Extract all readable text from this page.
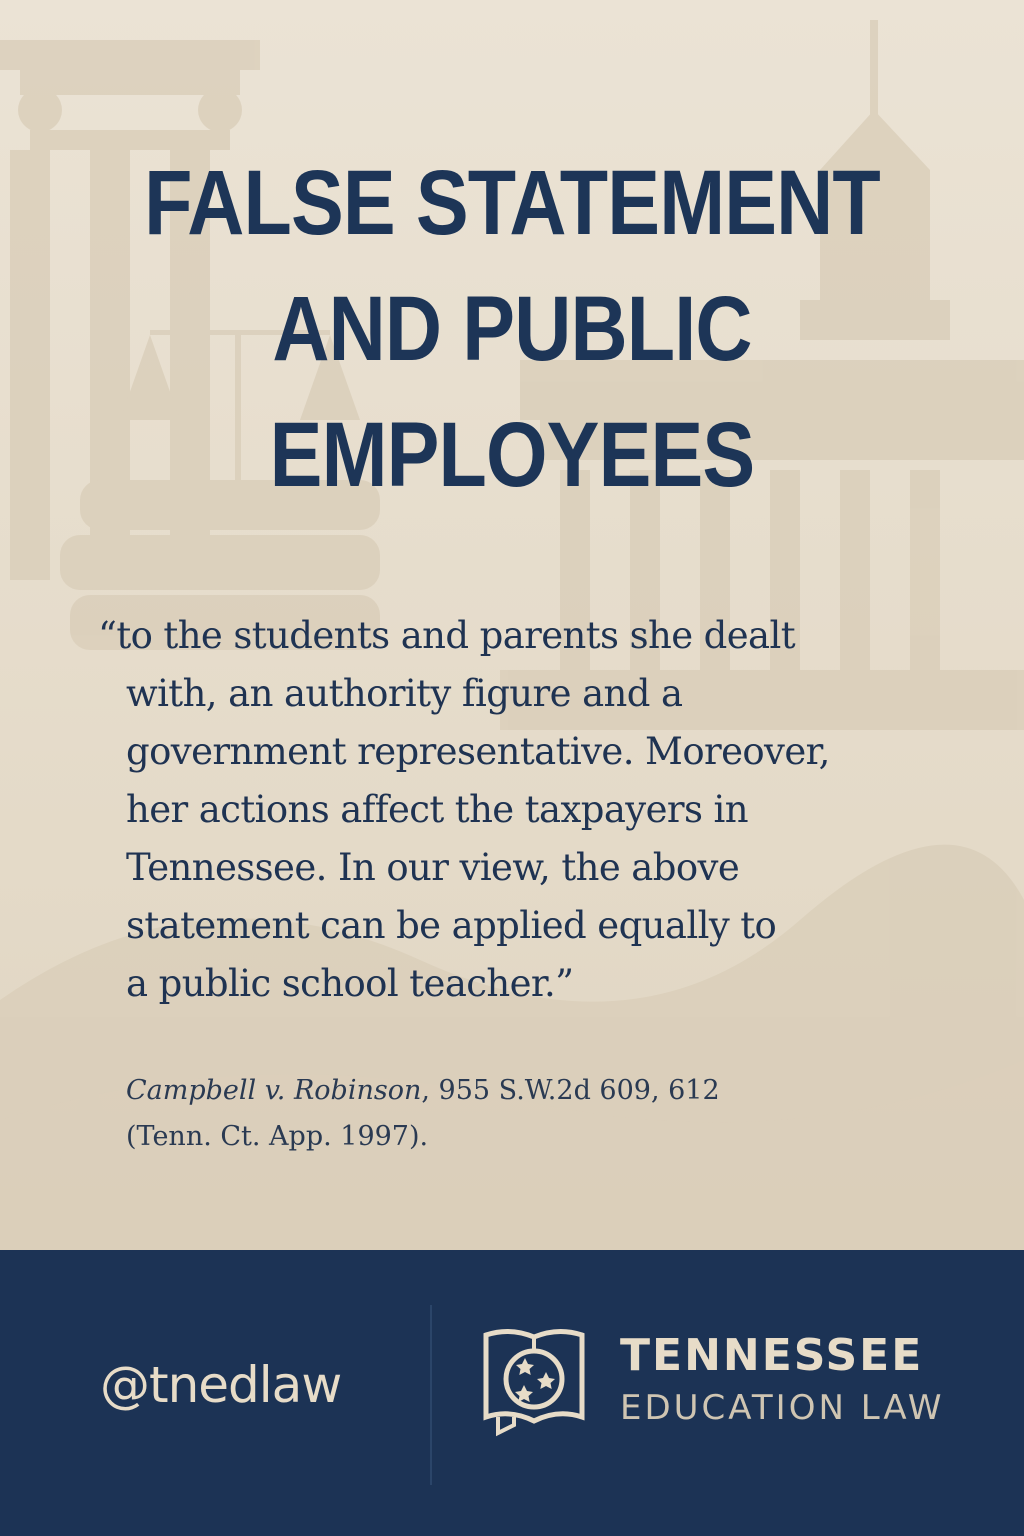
FALSE STATEMENT
AND PUBLIC
EMPLOYEES

“to the students and parents she dealt
with, an authority figure and a
government representative. Moreover,
her actions affect the taxpayers in
Tennessee. In our view, the above
statement can be applied equally to
a public school teacher.”

Campbell v. Robinson, 955 S.W.2d 609, 612
(Tenn. Ct. App. 1997).

@tnedlaw
TENNESSEE
EDUCATION LAW
